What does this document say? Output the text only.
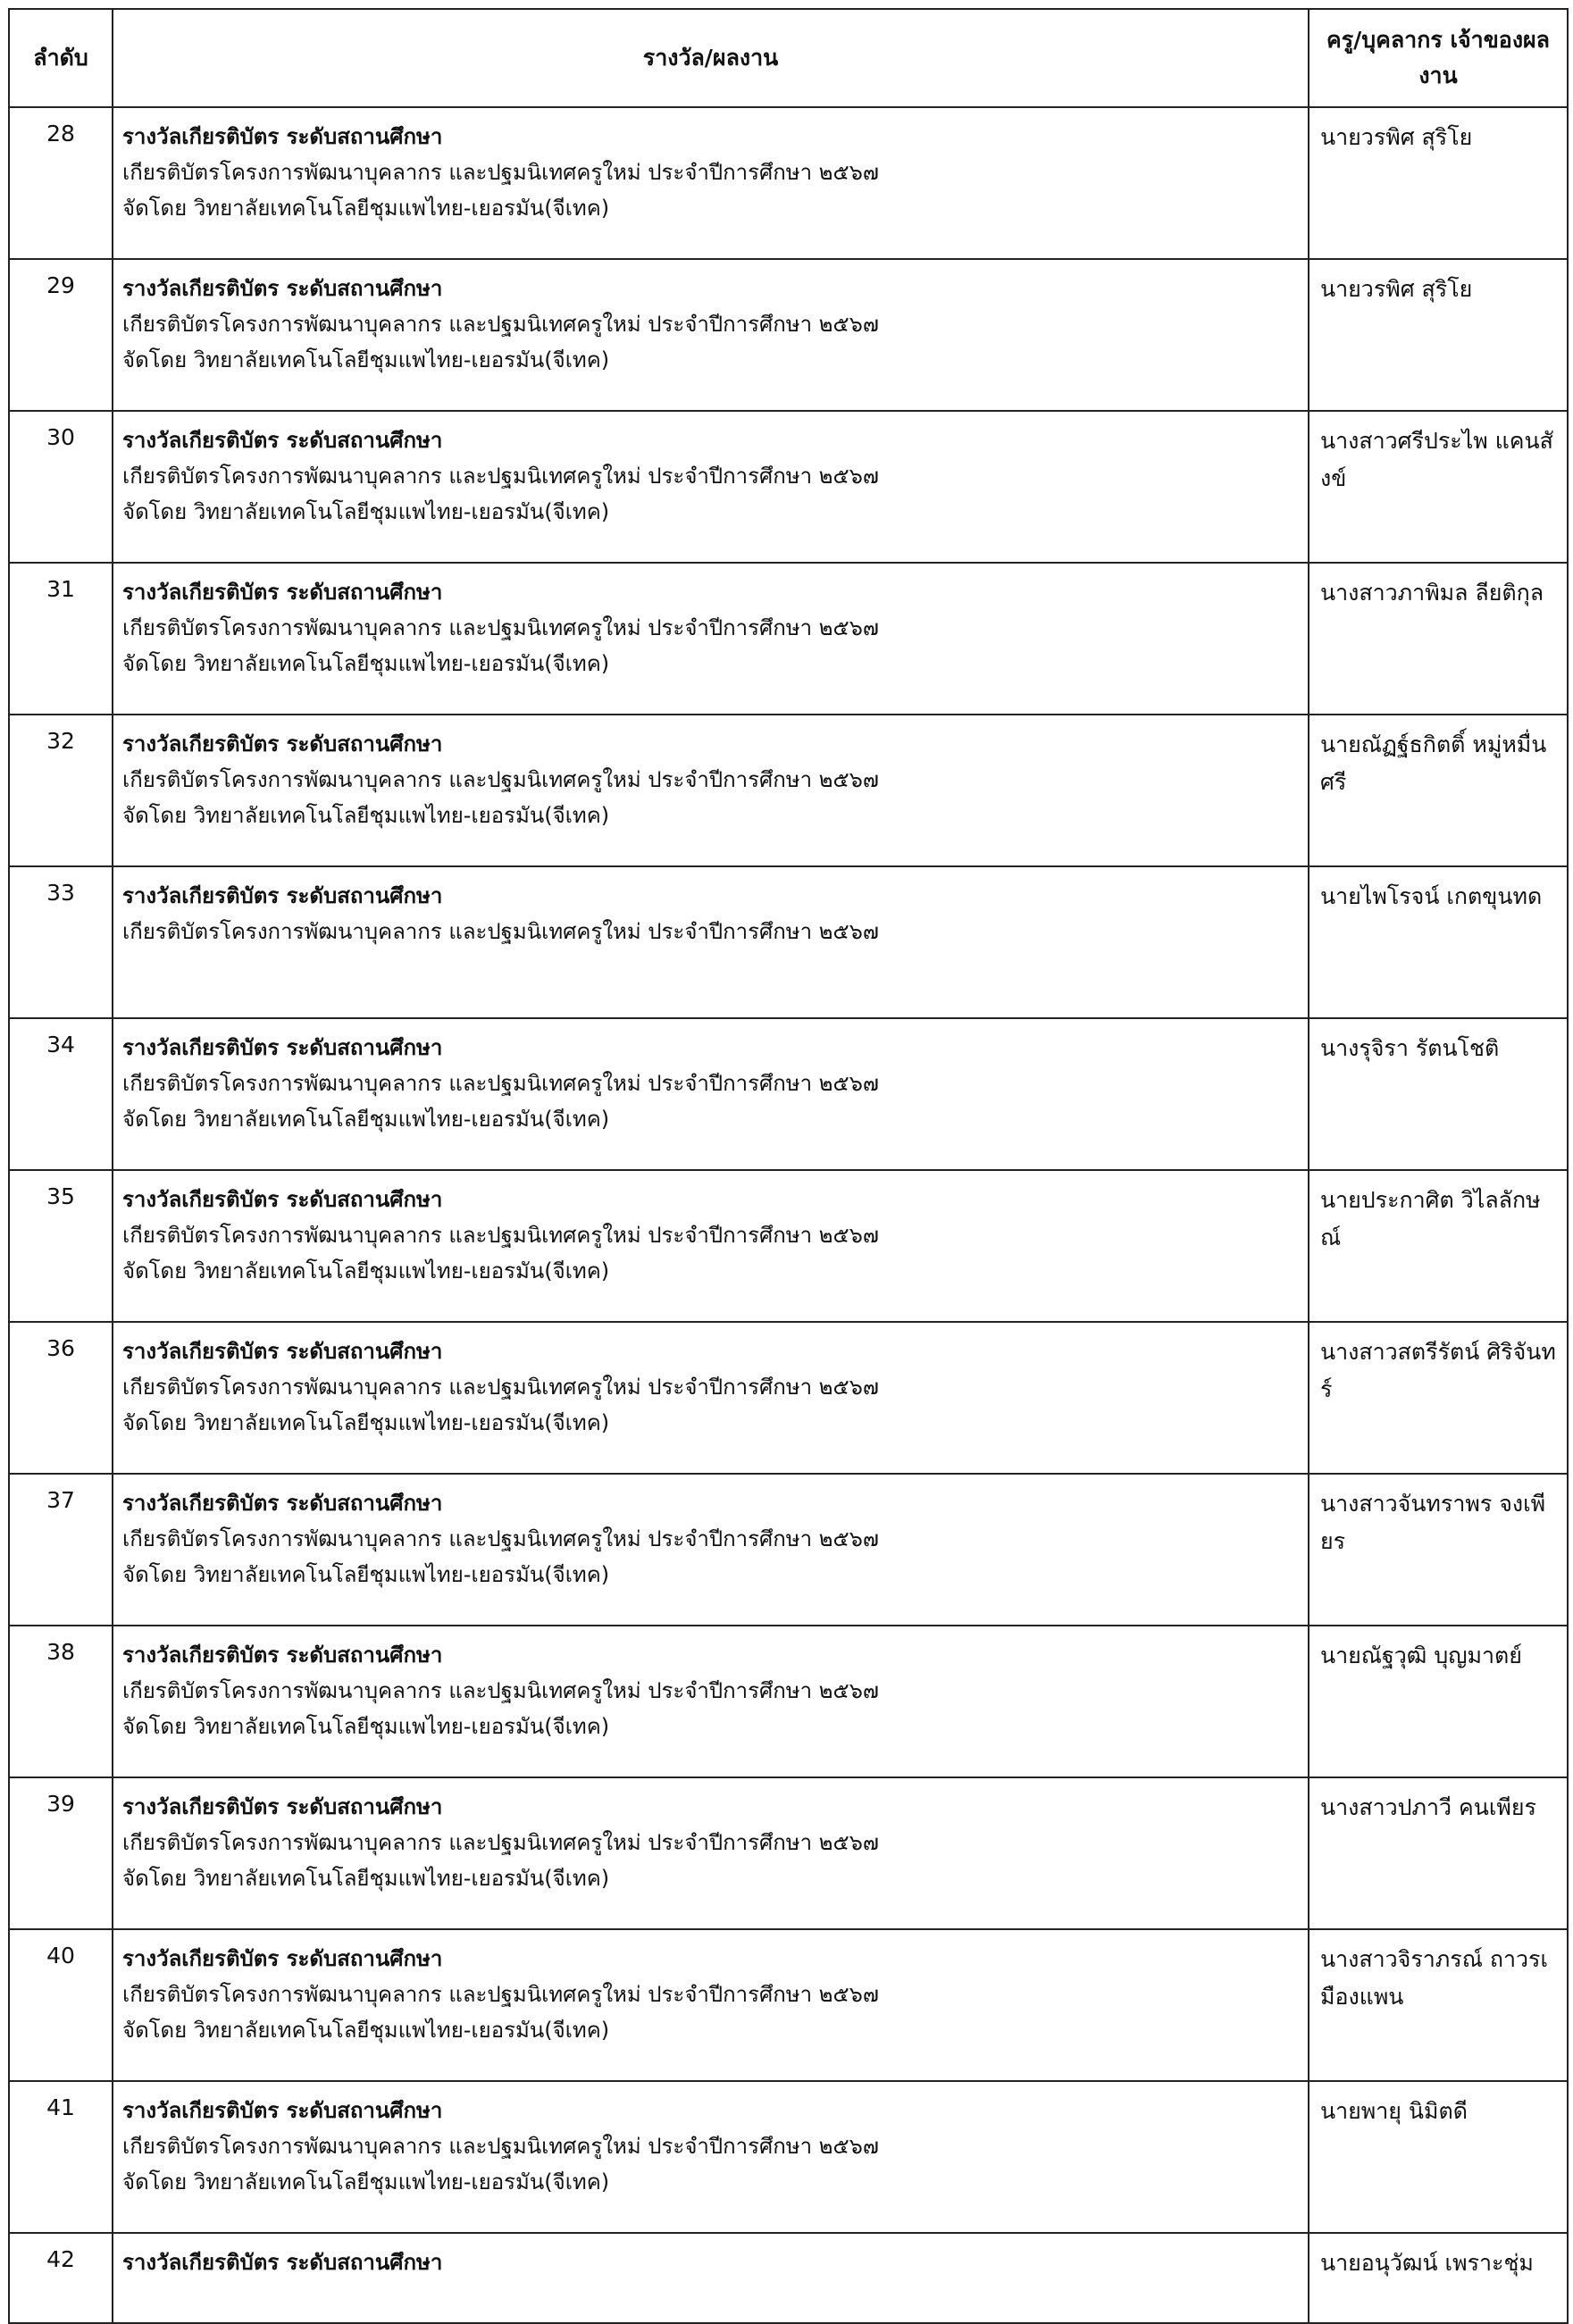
ลำดับ	รางวัล/ผลงาน	ครู/บุคลากร เจ้าของผลงาน
28	รางวัลเกียรติบัตร ระดับสถานศึกษา
เกียรติบัตรโครงการพัฒนาบุคลากร และปฐมนิเทศครูใหม่ ประจำปีการศึกษา ๒๕๖๗
จัดโดย วิทยาลัยเทคโนโลยีชุมแพไทย-เยอรมัน(จีเทค)	นายวรพิศ สุริโย
29	รางวัลเกียรติบัตร ระดับสถานศึกษา
เกียรติบัตรโครงการพัฒนาบุคลากร และปฐมนิเทศครูใหม่ ประจำปีการศึกษา ๒๕๖๗
จัดโดย วิทยาลัยเทคโนโลยีชุมแพไทย-เยอรมัน(จีเทค)	นายวรพิศ สุริโย
30	รางวัลเกียรติบัตร ระดับสถานศึกษา
เกียรติบัตรโครงการพัฒนาบุคลากร และปฐมนิเทศครูใหม่ ประจำปีการศึกษา ๒๕๖๗
จัดโดย วิทยาลัยเทคโนโลยีชุมแพไทย-เยอรมัน(จีเทค)	นางสาวศรีประไพ แคนสังข์
31	รางวัลเกียรติบัตร ระดับสถานศึกษา
เกียรติบัตรโครงการพัฒนาบุคลากร และปฐมนิเทศครูใหม่ ประจำปีการศึกษา ๒๕๖๗
จัดโดย วิทยาลัยเทคโนโลยีชุมแพไทย-เยอรมัน(จีเทค)	นางสาวภาพิมล ลียติกุล
32	รางวัลเกียรติบัตร ระดับสถานศึกษา
เกียรติบัตรโครงการพัฒนาบุคลากร และปฐมนิเทศครูใหม่ ประจำปีการศึกษา ๒๕๖๗
จัดโดย วิทยาลัยเทคโนโลยีชุมแพไทย-เยอรมัน(จีเทค)	นายณัฏฐ์ธกิตติ์ หมู่หมื่นศรี
33	รางวัลเกียรติบัตร ระดับสถานศึกษา
เกียรติบัตรโครงการพัฒนาบุคลากร และปฐมนิเทศครูใหม่ ประจำปีการศึกษา ๒๕๖๗	นายไพโรจน์ เกตขุนทด
34	รางวัลเกียรติบัตร ระดับสถานศึกษา
เกียรติบัตรโครงการพัฒนาบุคลากร และปฐมนิเทศครูใหม่ ประจำปีการศึกษา ๒๕๖๗
จัดโดย วิทยาลัยเทคโนโลยีชุมแพไทย-เยอรมัน(จีเทค)	นางรุจิรา รัตนโชติ
35	รางวัลเกียรติบัตร ระดับสถานศึกษา
เกียรติบัตรโครงการพัฒนาบุคลากร และปฐมนิเทศครูใหม่ ประจำปีการศึกษา ๒๕๖๗
จัดโดย วิทยาลัยเทคโนโลยีชุมแพไทย-เยอรมัน(จีเทค)	นายประกาศิต วิไลลักษณ์
36	รางวัลเกียรติบัตร ระดับสถานศึกษา
เกียรติบัตรโครงการพัฒนาบุคลากร และปฐมนิเทศครูใหม่ ประจำปีการศึกษา ๒๕๖๗
จัดโดย วิทยาลัยเทคโนโลยีชุมแพไทย-เยอรมัน(จีเทค)	นางสาวสตรีรัตน์ ศิริจันทร์
37	รางวัลเกียรติบัตร ระดับสถานศึกษา
เกียรติบัตรโครงการพัฒนาบุคลากร และปฐมนิเทศครูใหม่ ประจำปีการศึกษา ๒๕๖๗
จัดโดย วิทยาลัยเทคโนโลยีชุมแพไทย-เยอรมัน(จีเทค)	นางสาวจันทราพร จงเพียร
38	รางวัลเกียรติบัตร ระดับสถานศึกษา
เกียรติบัตรโครงการพัฒนาบุคลากร และปฐมนิเทศครูใหม่ ประจำปีการศึกษา ๒๕๖๗
จัดโดย วิทยาลัยเทคโนโลยีชุมแพไทย-เยอรมัน(จีเทค)	นายณัฐวุฒิ บุญมาตย์
39	รางวัลเกียรติบัตร ระดับสถานศึกษา
เกียรติบัตรโครงการพัฒนาบุคลากร และปฐมนิเทศครูใหม่ ประจำปีการศึกษา ๒๕๖๗
จัดโดย วิทยาลัยเทคโนโลยีชุมแพไทย-เยอรมัน(จีเทค)	นางสาวปภาวี คนเพียร
40	รางวัลเกียรติบัตร ระดับสถานศึกษา
เกียรติบัตรโครงการพัฒนาบุคลากร และปฐมนิเทศครูใหม่ ประจำปีการศึกษา ๒๕๖๗
จัดโดย วิทยาลัยเทคโนโลยีชุมแพไทย-เยอรมัน(จีเทค)	นางสาวจิราภรณ์ ถาวรเมืองแพน
41	รางวัลเกียรติบัตร ระดับสถานศึกษา
เกียรติบัตรโครงการพัฒนาบุคลากร และปฐมนิเทศครูใหม่ ประจำปีการศึกษา ๒๕๖๗
จัดโดย วิทยาลัยเทคโนโลยีชุมแพไทย-เยอรมัน(จีเทค)	นายพายุ นิมิตดี
42	รางวัลเกียรติบัตร ระดับสถานศึกษา	นายอนุวัฒน์ เพราะชุ่ม
